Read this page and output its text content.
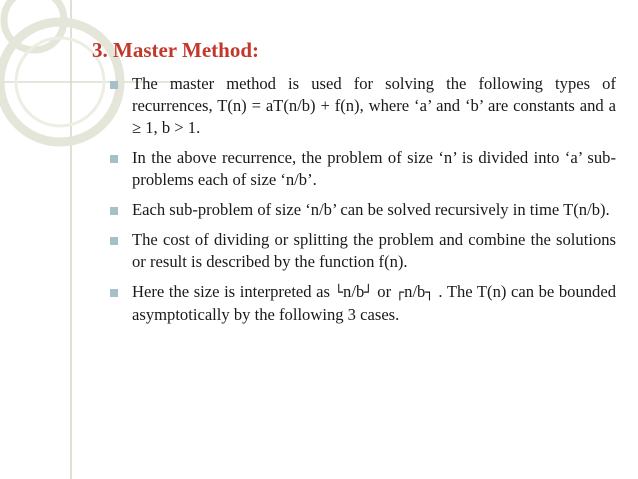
3. Master Method:
The master method is used for solving the following types of recurrences, T(n) = aT(n/b) + f(n), where ‘a’ and ‘b’ are constants and a ≥ 1, b > 1.
In the above recurrence, the problem of size ‘n’ is divided into ‘a’ sub-problems each of size ‘n/b’.
Each sub-problem of size ‘n/b’ can be solved recursively in time T(n/b).
The cost of dividing or splitting the problem and combine the solutions or result is described by the function f(n).
Here the size is interpreted as └n/b┘ or ┌n/b┐ . The T(n) can be bounded asymptotically by the following 3 cases.
